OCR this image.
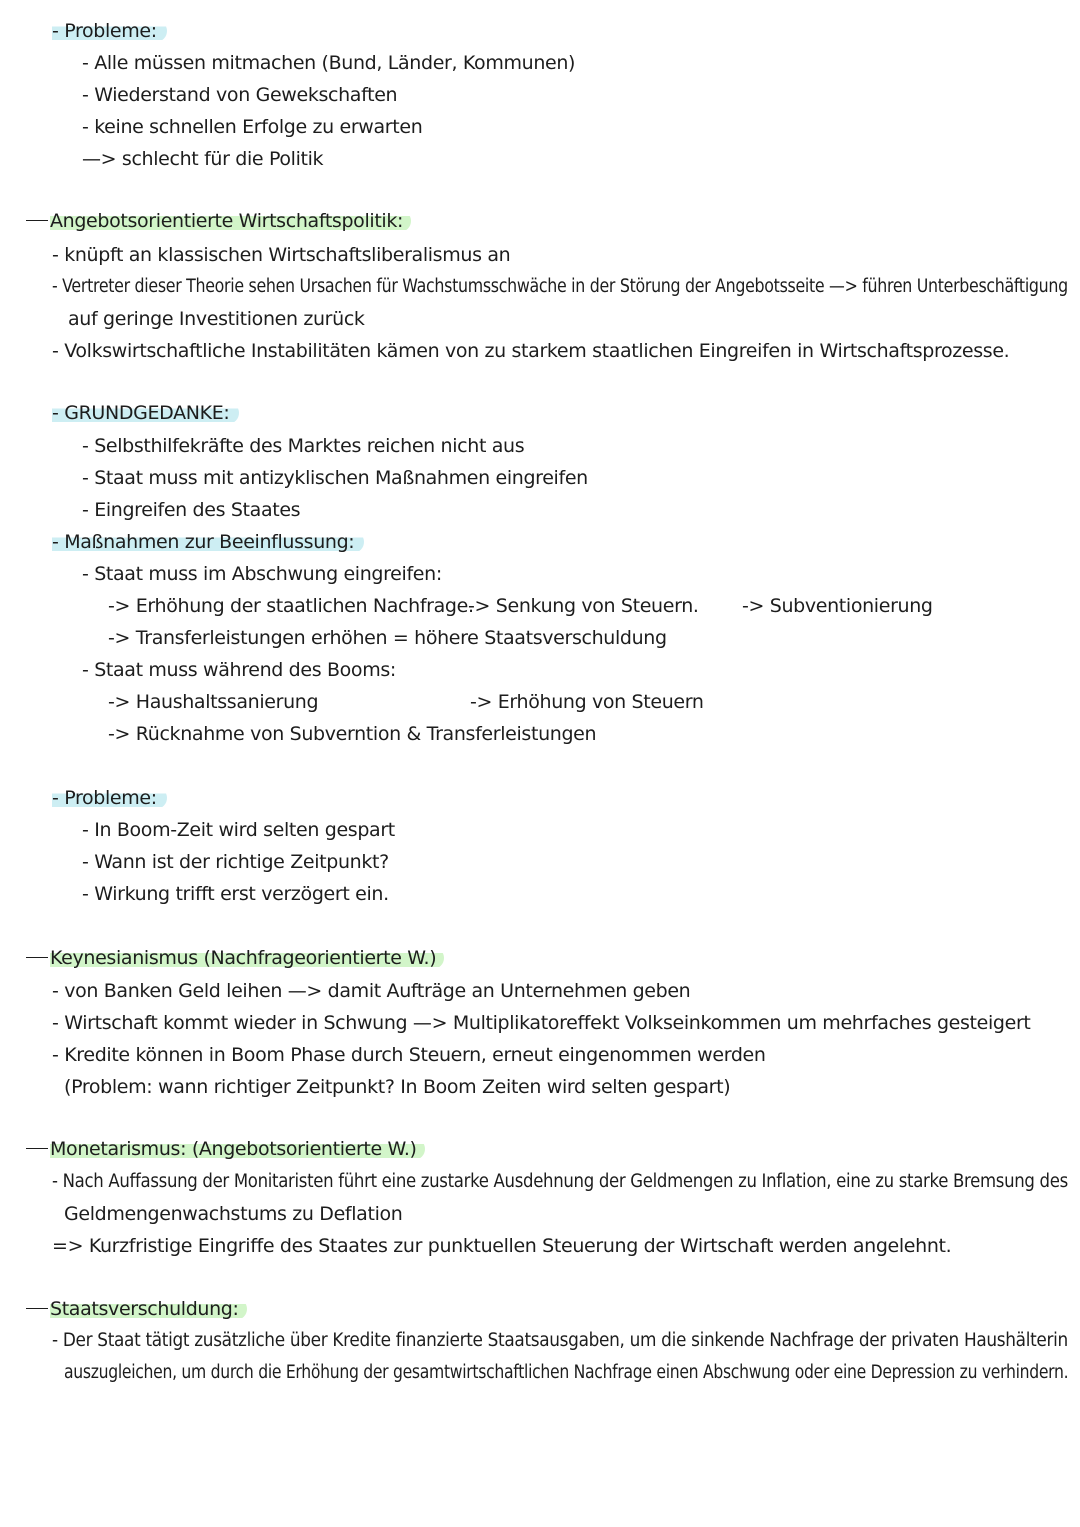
- Probleme:
- Alle müssen mitmachen (Bund, Länder, Kommunen)
- Wiederstand von Gewekschaften
- keine schnellen Erfolge zu erwarten
—> schlecht für die Politik
Angebotsorientierte Wirtschaftspolitik:
- knüpft an klassischen Wirtschaftsliberalismus an
- Vertreter dieser Theorie sehen Ursachen für Wachstumsschwäche in der Störung der Angebotsseite —> führen Unterbeschäftigung
auf geringe Investitionen zurück
- Volkswirtschaftliche Instabilitäten kämen von zu starkem staatlichen Eingreifen in Wirtschaftsprozesse.
- GRUNDGEDANKE:
- Selbsthilfekräfte des Marktes reichen nicht aus
- Staat muss mit antizyklischen Maßnahmen eingreifen
- Eingreifen des Staates
- Maßnahmen zur Beeinflussung:
- Staat muss im Abschwung eingreifen:
-> Erhöhung der staatlichen Nachfrage.
-> Senkung von Steuern. -> Subventionierung
-> Transferleistungen erhöhen = höhere Staatsverschuldung
- Staat muss während des Booms:
-> Haushaltssanierung	-> Erhöhung von Steuern
-> Rücknahme von Subverntion & Transferleistungen
- Probleme:
- In Boom-Zeit wird selten gespart
- Wann ist der richtige Zeitpunkt?
- Wirkung trifft erst verzögert ein.
Keynesianismus (Nachfrageorientierte W.)
- von Banken Geld leihen —> damit Aufträge an Unternehmen geben
- Wirtschaft kommt wieder in Schwung —> Multiplikatoreffekt Volkseinkommen um mehrfaches gesteigert
- Kredite können in Boom Phase durch Steuern, erneut eingenommen werden
(Problem: wann richtiger Zeitpunkt? In Boom Zeiten wird selten gespart)
Monetarismus: (Angebotsorientierte W.)
- Nach Auffassung der Monitaristen führt eine zustarke Ausdehnung der Geldmengen zu Inflation, eine zu starke Bremsung des
Geldmengenwachstums zu Deflation
=> Kurzfristige Eingriffe des Staates zur punktuellen Steuerung der Wirtschaft werden angelehnt.
Staatsverschuldung:
- Der Staat tätigt zusätzliche über Kredite finanzierte Staatsausgaben, um die sinkende Nachfrage der privaten Haushälterin
auszugleichen, um durch die Erhöhung der gesamtwirtschaftlichen Nachfrage einen Abschwung oder eine Depression zu verhindern.
